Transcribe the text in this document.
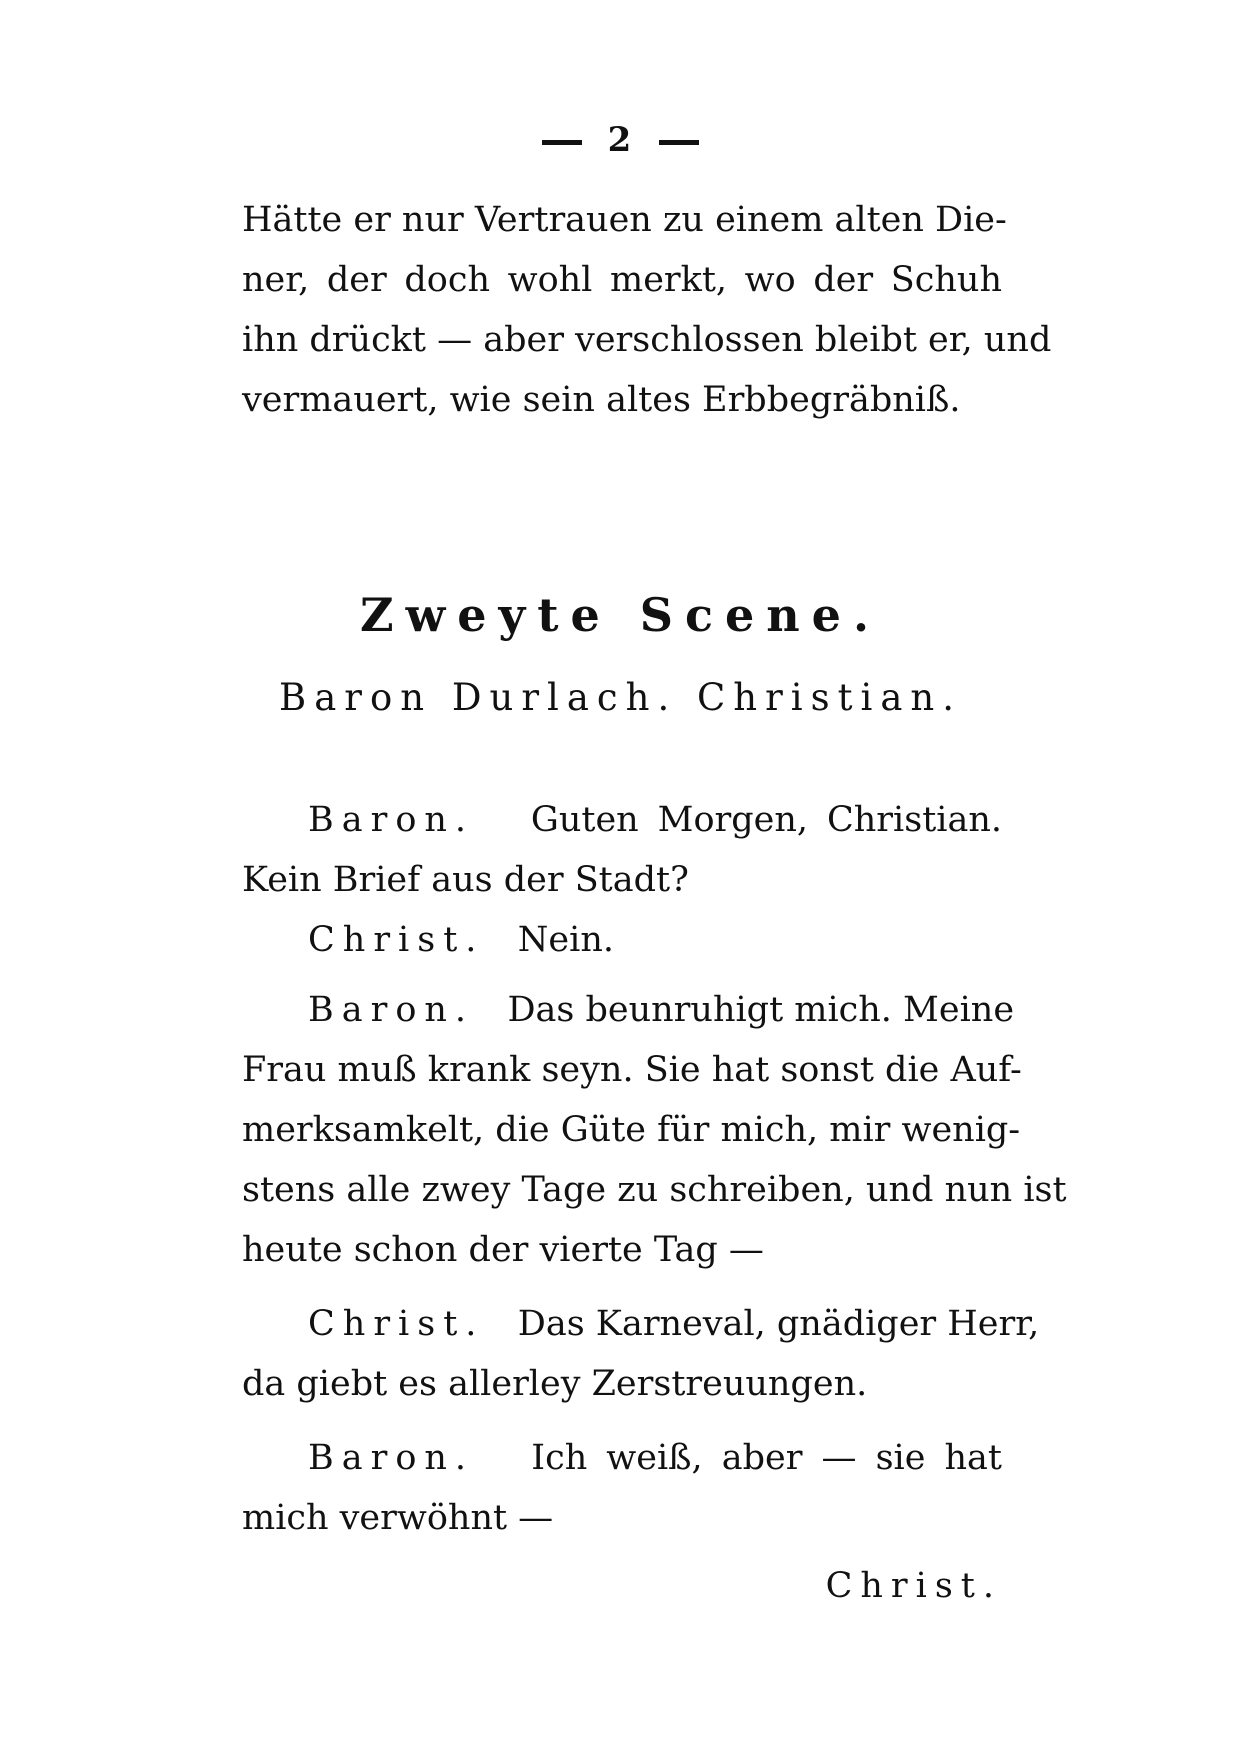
2
Hätte er nur Vertrauen zu einem alten Die-
ner, der doch wohl merkt, wo der Schuh
ihn drückt — aber verschlossen bleibt er, und
vermauert, wie sein altes Erbbegräbniß.
Zweyte Scene.
Baron Durlach. Christian.
Baron. Guten Morgen, Christian.
Kein Brief aus der Stadt?
Christ. Nein.
Baron. Das beunruhigt mich. Meine
Frau muß krank seyn. Sie hat sonst die Auf-
merksamkelt, die Güte für mich, mir wenig-
stens alle zwey Tage zu schreiben, und nun ist
heute schon der vierte Tag —
Christ. Das Karneval, gnädiger Herr,
da giebt es allerley Zerstreuungen.
Baron. Ich weiß, aber — sie hat
mich verwöhnt —
Christ.
